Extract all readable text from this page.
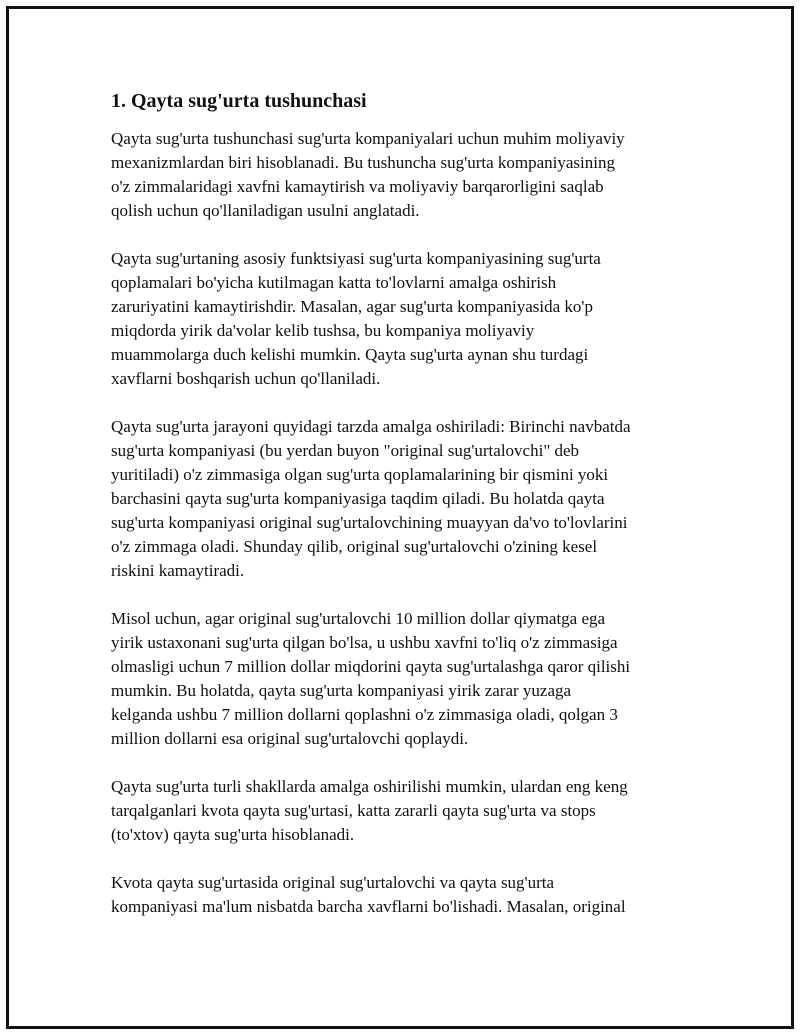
1. Qayta sug'urta tushunchasi
Qayta sug'urta tushunchasi sug'urta kompaniyalari uchun muhim moliyaviy
mexanizmlardan biri hisoblanadi. Bu tushuncha sug'urta kompaniyasining
o'z zimmalaridagi xavfni kamaytirish va moliyaviy barqarorligini saqlab
qolish uchun qo'llaniladigan usulni anglatadi.
Qayta sug'urtaning asosiy funktsiyasi sug'urta kompaniyasining sug'urta
qoplamalari bo'yicha kutilmagan katta to'lovlarni amalga oshirish
zaruriyatini kamaytirishdir. Masalan, agar sug'urta kompaniyasida ko'p
miqdorda yirik da'volar kelib tushsa, bu kompaniya moliyaviy
muammolarga duch kelishi mumkin. Qayta sug'urta aynan shu turdagi
xavflarni boshqarish uchun qo'llaniladi.
Qayta sug'urta jarayoni quyidagi tarzda amalga oshiriladi: Birinchi navbatda
sug'urta kompaniyasi (bu yerdan buyon "original sug'urtalovchi" deb
yuritiladi) o'z zimmasiga olgan sug'urta qoplamalarining bir qismini yoki
barchasini qayta sug'urta kompaniyasiga taqdim qiladi. Bu holatda qayta
sug'urta kompaniyasi original sug'urtalovchining muayyan da'vo to'lovlarini
o'z zimmaga oladi. Shunday qilib, original sug'urtalovchi o'zining kesel
riskini kamaytiradi.
Misol uchun, agar original sug'urtalovchi 10 million dollar qiymatga ega
yirik ustaxonani sug'urta qilgan bo'lsa, u ushbu xavfni to'liq o'z zimmasiga
olmasligi uchun 7 million dollar miqdorini qayta sug'urtalashga qaror qilishi
mumkin. Bu holatda, qayta sug'urta kompaniyasi yirik zarar yuzaga
kelganda ushbu 7 million dollarni qoplashni o'z zimmasiga oladi, qolgan 3
million dollarni esa original sug'urtalovchi qoplaydi.
Qayta sug'urta turli shakllarda amalga oshirilishi mumkin, ulardan eng keng
tarqalganlari kvota qayta sug'urtasi, katta zararli qayta sug'urta va stops
(to'xtov) qayta sug'urta hisoblanadi.
Kvota qayta sug'urtasida original sug'urtalovchi va qayta sug'urta
kompaniyasi ma'lum nisbatda barcha xavflarni bo'lishadi. Masalan, original
